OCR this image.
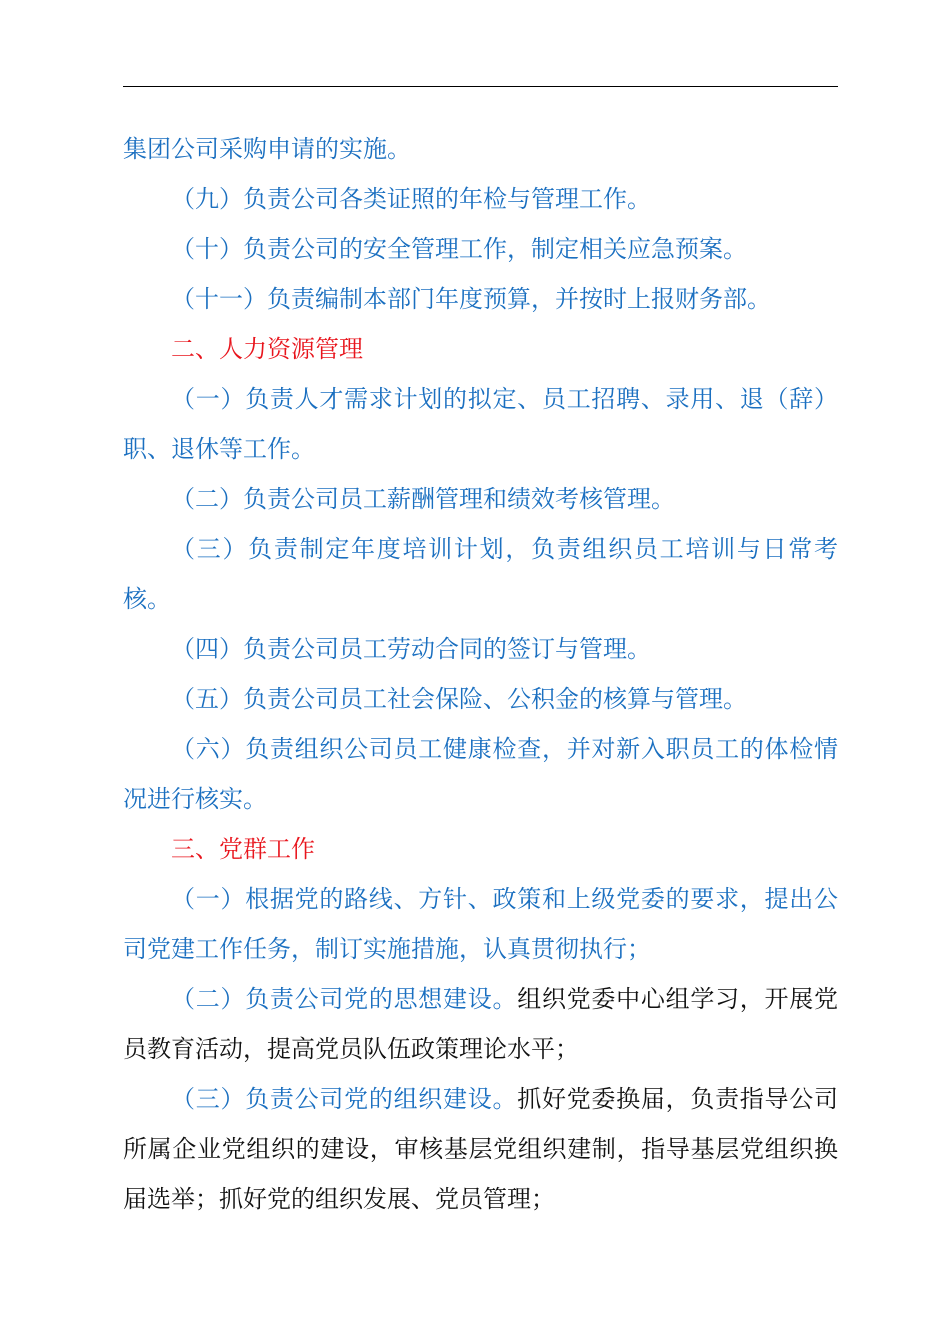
集团公司采购申请的实施。

（九）负责公司各类证照的年检与管理工作。

（十）负责公司的安全管理工作，制定相关应急预案。

（十一）负责编制本部门年度预算，并按时上报财务部。

二、人力资源管理

（一）负责人才需求计划的拟定、员工招聘、录用、退（辞）职、退休等工作。

（二）负责公司员工薪酬管理和绩效考核管理。

（三）负责制定年度培训计划，负责组织员工培训与日常考核。

（四）负责公司员工劳动合同的签订与管理。

（五）负责公司员工社会保险、公积金的核算与管理。

（六）负责组织公司员工健康检查，并对新入职员工的体检情况进行核实。

三、党群工作

（一）根据党的路线、方针、政策和上级党委的要求，提出公司党建工作任务，制订实施措施，认真贯彻执行；

（二）负责公司党的思想建设。组织党委中心组学习，开展党员教育活动，提高党员队伍政策理论水平；

（三）负责公司党的组织建设。抓好党委换届，负责指导公司所属企业党组织的建设，审核基层党组织建制，指导基层党组织换届选举；抓好党的组织发展、党员管理；
